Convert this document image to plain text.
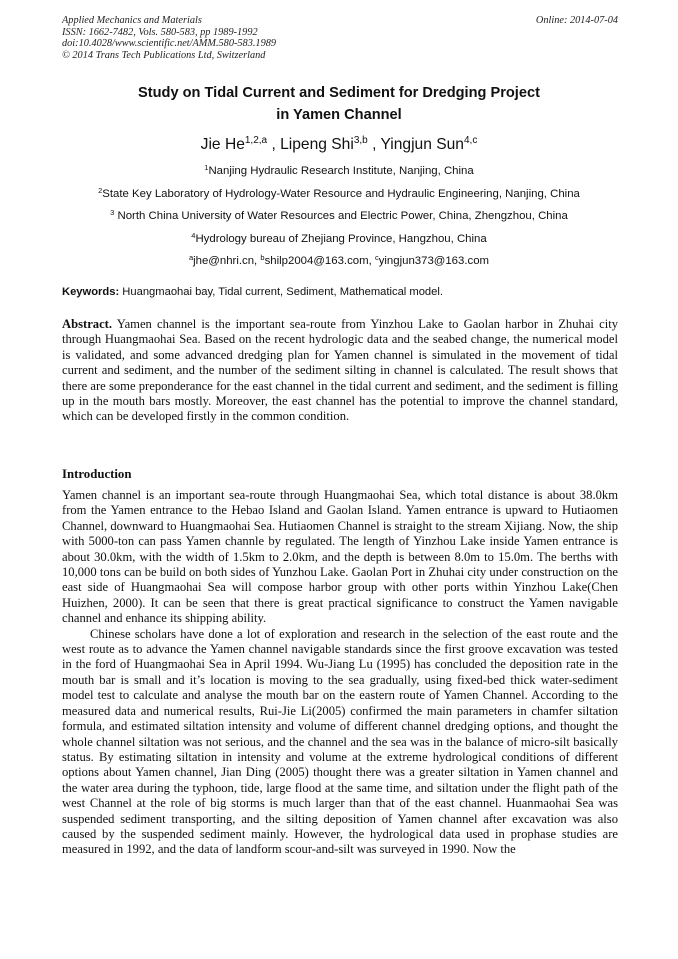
Applied Mechanics and Materials	Online: 2014-07-04
ISSN: 1662-7482, Vols. 580-583, pp 1989-1992
doi:10.4028/www.scientific.net/AMM.580-583.1989
© 2014 Trans Tech Publications Ltd, Switzerland
Study on Tidal Current and Sediment for Dredging Project
in Yamen Channel
Jie He$^{1,2,a}$ , Lipeng Shi$^{3,b}$ , Yingjun Sun$^{4,c}$
$^1$Nanjing Hydraulic Research Institute, Nanjing, China
$^2$State Key Laboratory of Hydrology-Water Resource and Hydraulic Engineering, Nanjing, China
$^3$ North China University of Water Resources and Electric Power, China, Zhengzhou, China
$^4$Hydrology bureau of Zhejiang Province, Hangzhou, China
$^a$jhe@nhri.cn, $^b$shilp2004@163.com, $^c$yingjun373@163.com
Keywords: Huangmaohai bay, Tidal current, Sediment, Mathematical model.

Abstract. Yamen channel is the important sea-route from Yinzhou Lake to Gaolan harbor in Zhuhai city through Huangmaohai Sea. Based on the recent hydrologic data and the seabed change, the numerical model is validated, and some advanced dredging plan for Yamen channel is simulated in the movement of tidal current and sediment, and the number of the sediment silting in channel is calculated. The result shows that there are some preponderance for the east channel in the tidal current and sediment, and the sediment is filling up in the mouth bars mostly. Moreover, the east channel has the potential to improve the channel standard, which can be developed firstly in the common condition.

Introduction

Yamen channel is an important sea-route through Huangmaohai Sea, which total distance is about 38.0km from the Yamen entrance to the Hebao Island and Gaolan Island. Yamen entrance is upward to Hutiaomen Channel, downward to Huangmaohai Sea. Hutiaomen Channel is straight to the stream Xijiang. Now, the ship with 5000-ton can pass Yamen channle by regulated. The length of Yinzhou Lake inside Yamen entrance is about 30.0km, with the width of 1.5km to 2.0km, and the depth is between 8.0m to 15.0m. The berths with 10,000 tons can be build on both sides of Yunzhou Lake. Gaolan Port in Zhuhai city under construction on the east side of Huangmaohai Sea will compose harbor group with other ports within Yinzhou Lake(Chen Huizhen, 2000). It can be seen that there is great practical significance to construct the Yamen navigable channel and enhance its shipping ability.

Chinese scholars have done a lot of exploration and research in the selection of the east route and the west route as to advance the Yamen channel navigable standards since the first groove excavation was tested in the ford of Huangmaohai Sea in April 1994. Wu-Jiang Lu (1995) has concluded the deposition rate in the mouth bar is small and it’s location is moving to the sea gradually, using fixed-bed thick water-sediment model test to calculate and analyse the mouth bar on the eastern route of Yamen Channel. According to the measured data and numerical results, Rui-Jie Li(2005) confirmed the main parameters in chamfer siltation formula, and estimated siltation intensity and volume of different channel dredging options, and thought the whole channel siltation was not serious, and the channel and the sea was in the balance of micro-silt basically status. By estimating siltation in intensity and volume at the extreme hydrological conditions of different options about Yamen channel, Jian Ding (2005) thought there was a greater siltation in Yamen channel and the water area during the typhoon, tide, large flood at the same time, and siltation under the flight path of the west Channel at the role of big storms is much larger than that of the east channel. Huanmaohai Sea was suspended sediment transporting, and the silting deposition of Yamen channel after excavation was also caused by the suspended sediment mainly. However, the hydrological data used in prophase studies are measured in 1992, and the data of landform scour-and-silt was surveyed in 1990. Now the
